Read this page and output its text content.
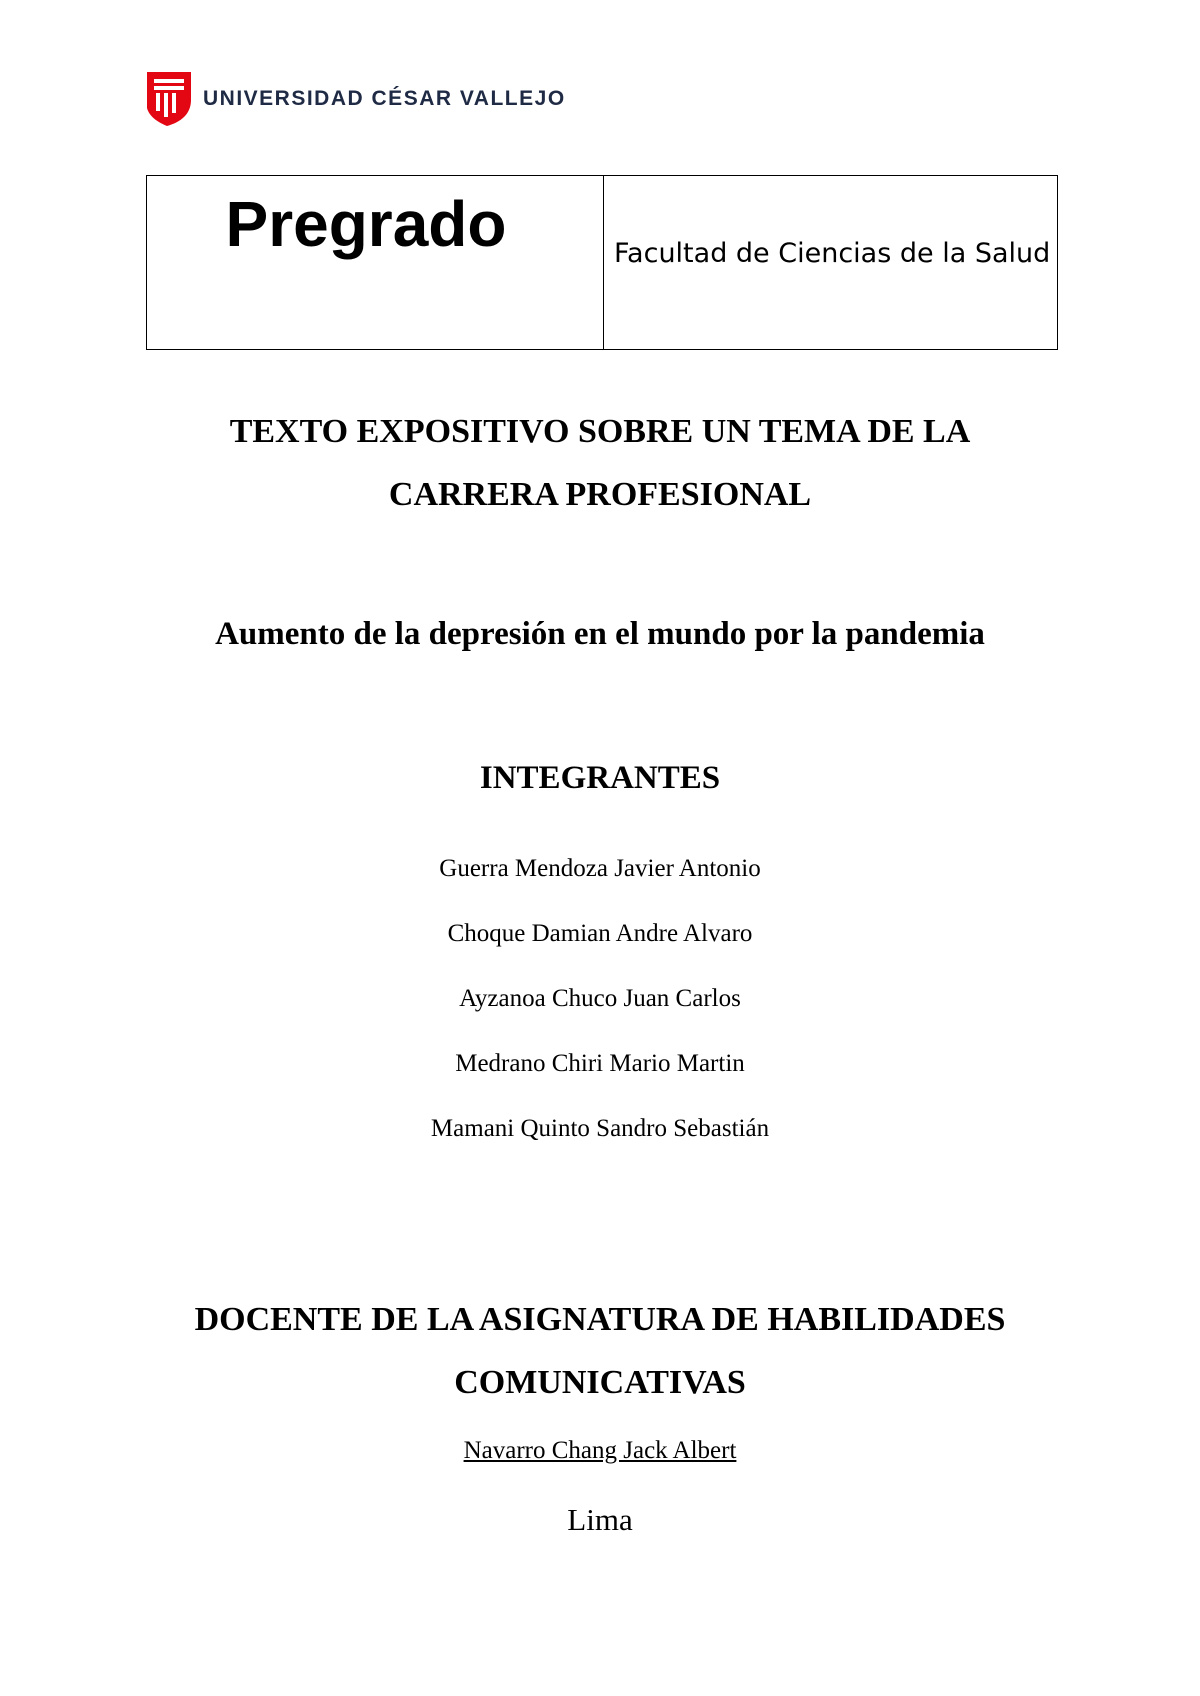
UNIVERSIDAD CÉSAR VALLEJO
Pregrado	Facultad de Ciencias de la Salud
TEXTO EXPOSITIVO SOBRE UN TEMA DE LA
CARRERA PROFESIONAL
Aumento de la depresión en el mundo por la pandemia
INTEGRANTES
Guerra Mendoza Javier Antonio
Choque Damian Andre Alvaro
Ayzanoa Chuco Juan Carlos
Medrano Chiri Mario Martin
Mamani Quinto Sandro Sebastián
DOCENTE DE LA ASIGNATURA DE HABILIDADES
COMUNICATIVAS
Navarro Chang Jack Albert
Lima
